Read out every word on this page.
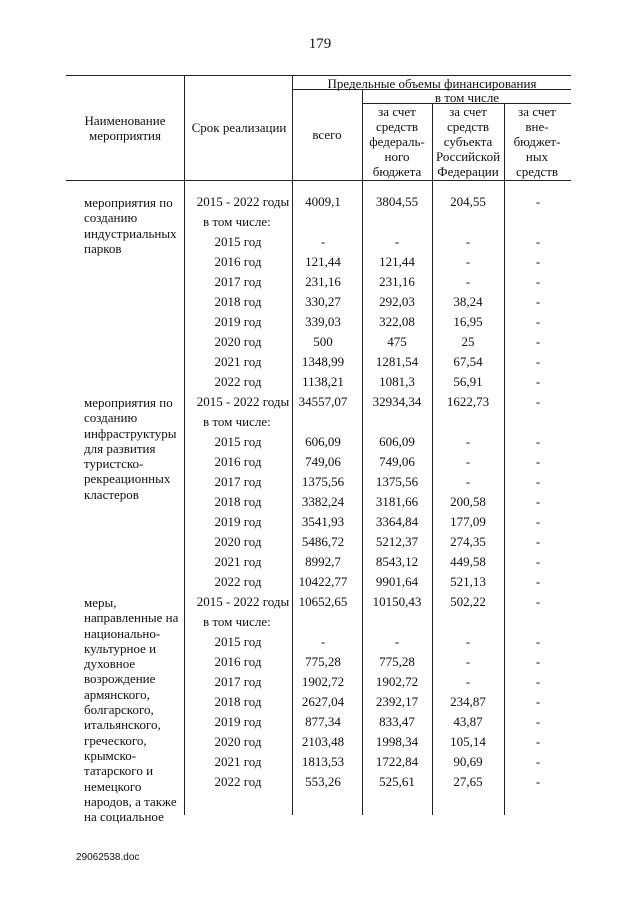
179
Наименование мероприятия
Срок реализации
Предельные объемы финансирования
в том числе
всего
за счет средств федераль- ного бюджета
за счет средств субъекта Российской Федерации
за счет вне- бюджет- ных средств
мероприятия по созданию индустриальных парков
2015 - 2022 годы	4009,1	3804,55	204,55	-
в том числе:
2015 год	-	-	-	-
2016 год	121,44	121,44	-	-
2017 год	231,16	231,16	-	-
2018 год	330,27	292,03	38,24	-
2019 год	339,03	322,08	16,95	-
2020 год	500	475	25	-
2021 год	1348,99	1281,54	67,54	-
2022 год	1138,21	1081,3	56,91	-
мероприятия по созданию инфраструктуры для развития туристско- рекреационных кластеров
2015 - 2022 годы 34557,07	32934,34	1622,73	-
в том числе:
2015 год	606,09	606,09	-	-
2016 год	749,06	749,06	-	-
2017 год	1375,56	1375,56	-	-
2018 год	3382,24	3181,66	200,58	-
2019 год	3541,93	3364,84	177,09	-
2020 год	5486,72	5212,37	274,35	-
2021 год	8992,7	8543,12	449,58	-
2022 год	10422,77	9901,64	521,13	-
меры, направленные на национально- культурное и духовное возрождение армянского, болгарского, итальянского, греческого, крымско- татарского и немецкого народов, а также на социальное
2015 - 2022 годы 10652,65	10150,43	502,22	-
в том числе:
2015 год	-	-	-	-
2016 год	775,28	775,28	-	-
2017 год	1902,72	1902,72	-	-
2018 год	2627,04	2392,17	234,87	-
2019 год	877,34	833,47	43,87	-
2020 год	2103,48	1998,34	105,14	-
2021 год	1813,53	1722,84	90,69	-
2022 год	553,26	525,61	27,65	-
29062538.doc
